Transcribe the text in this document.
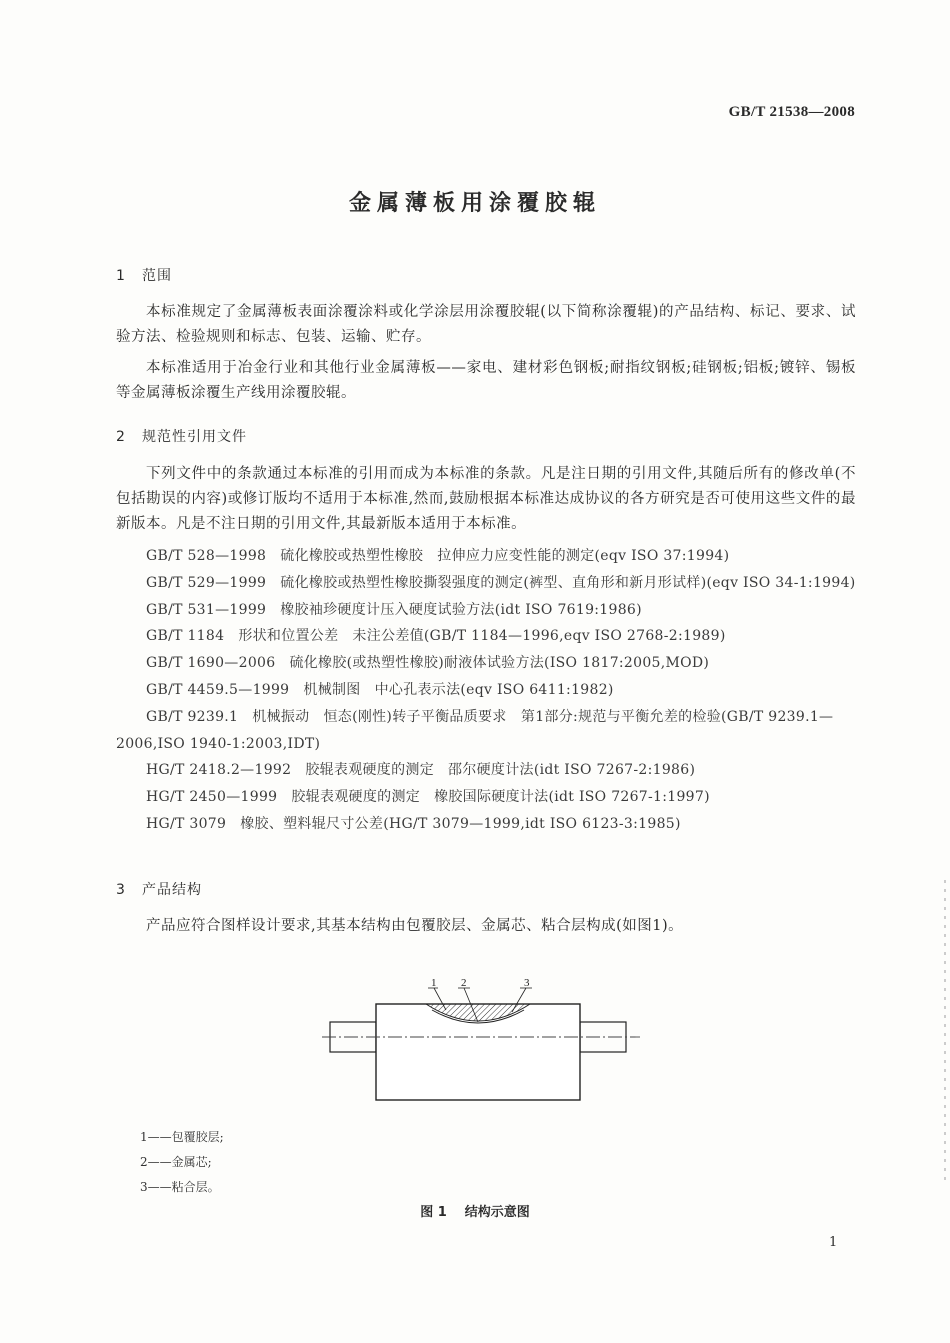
GB/T 21538—2008
金属薄板用涂覆胶辊
1 范围
本标准规定了金属薄板表面涂覆涂料或化学涂层用涂覆胶辊(以下简称涂覆辊)的产品结构、标记、要求、试验方法、检验规则和标志、包装、运输、贮存。
本标准适用于冶金行业和其他行业金属薄板——家电、建材彩色钢板;耐指纹钢板;硅钢板;铝板;镀锌、锡板等金属薄板涂覆生产线用涂覆胶辊。
2 规范性引用文件
下列文件中的条款通过本标准的引用而成为本标准的条款。凡是注日期的引用文件,其随后所有的修改单(不包括勘误的内容)或修订版均不适用于本标准,然而,鼓励根据本标准达成协议的各方研究是否可使用这些文件的最新版本。凡是不注日期的引用文件,其最新版本适用于本标准。
GB/T 528—1998 硫化橡胶或热塑性橡胶 拉伸应力应变性能的测定(eqv ISO 37:1994)
GB/T 529—1999 硫化橡胶或热塑性橡胶撕裂强度的测定(裤型、直角形和新月形试样)(eqv ISO 34-1:1994)
GB/T 531—1999 橡胶袖珍硬度计压入硬度试验方法(idt ISO 7619:1986)
GB/T 1184 形状和位置公差 未注公差值(GB/T 1184—1996,eqv ISO 2768-2:1989)
GB/T 1690—2006 硫化橡胶(或热塑性橡胶)耐液体试验方法(ISO 1817:2005,MOD)
GB/T 4459.5—1999 机械制图 中心孔表示法(eqv ISO 6411:1982)
GB/T 9239.1 机械振动 恒态(刚性)转子平衡品质要求　第1部分:规范与平衡允差的检验(GB/T 9239.1—2006,ISO 1940-1:2003,IDT)
HG/T 2418.2—1992 胶辊表观硬度的测定 邵尔硬度计法(idt ISO 7267-2:1986)
HG/T 2450—1999 胶辊表观硬度的测定 橡胶国际硬度计法(idt ISO 7267-1:1997)
HG/T 3079 橡胶、塑料辊尺寸公差(HG/T 3079—1999,idt ISO 6123-3:1985)
3 产品结构
产品应符合图样设计要求,其基本结构由包覆胶层、金属芯、粘合层构成(如图1)。
1 2	3
1——包覆胶层;
2——金属芯;
3——粘合层。
图 1 结构示意图
1
